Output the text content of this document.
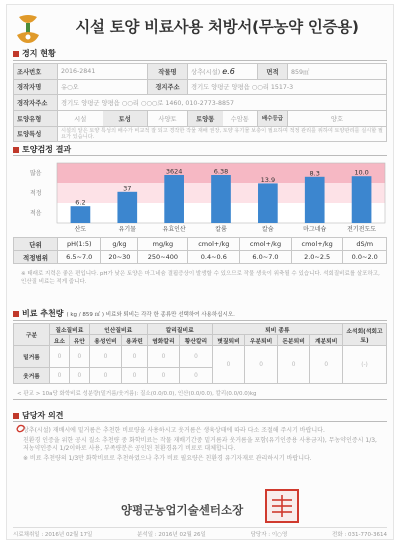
시설 토양 비료사용 처방서(무농약 인증용)
경지 현황
조사번호	2016-2841	작물명	상추(시설) e.6	면적	859㎡
경작자명	유○오	경지주소	경기도 양평군 양평읍 ○○리 1517-3		
경작자주소	경기도 양평군 양평읍 ○○리 ○○○로 1460, 010-2773-8857				
토양유형	시설 토성	사양토	토양통 수암통	배수등급	양호
토양특성	시설의 앝은 토양 특성의 배수가 비교적 잘 되고 경작한 작물 재배 권장, 토양 유기물 보충이 필요하며 적정 관리를 위하여 토양관리를 실시할 필요가 있습니다.				
토양검정 결과
많음
적정
적음
6.2
산도
37
유기물
3624
유효인산
6.38
칼륨
13.9
칼슘
8.3
마그네슘
10.0
전기전도도
단위	pH(1:5)	g/kg	mg/kg	cmol+/kg	cmol+/kg	cmol+/kg	dS/m
적정범위	6.5~7.0	20~30	250~400	0.4~0.6	6.0~7.0	2.0~2.5	0.0~2.0
※ 태래로 지력은 좋은 편입니다. pH가 낮은 토양은 마그네슘 결핍증상이 발생할 수 있으므로 작물 생육이 위축될 수 있습니다. 석회질비료를 살포하고, 인산질 비료는 적게 줍니다.
비료 추천량 ( kg / 859 ㎡ ) 비료와 퇴비는 각각 한 종류만 선택하여 사용하십시오.
구분	질소질비료		인산질비료		칼리질비료		퇴비 종류				소석회(석회고토)
	요소	유안	용성인비	용과린	염화칼리	황산칼리	볏짚퇴비	우분퇴비	돈분퇴비	계분퇴비	
밑거름	0	0	0	0	0	0	0	0	0	0	(-)
웃거름	0	0	0	0	0	0					
< 판교 > 10a당 화학비료 성분량(밑거름/웃거름): 질소(0.0/0.0), 인산(0.0/0.0), 칼리(0.0/0.0)kg
담당자 의견

상추(시설) 재배시에 밑거름은 추천한 비료량을 사용하시고 웃거름은 생육상태에 따라 다소 조절해 주시기 바랍니다.

친환경 인증을 위한 공시 질소 추천량 중 화학비료는 작물 재배기간중 밑거름과 웃거름을 포함(유기인증용 사용금지), 무농약인증시 1/3, 저농약인증시 1/2이하로 사용, 부족량분은 공인된 친환경유기 비료로 대체합니다.

※ 비료 추천량의 1/3만 화학비료로 추천하였으나 추가 비료 필요량은 친환경 유기자재로 관리하시기 바랍니다.

양평군농업기술센터소장
시료채취일 : 2016년 02월 17일	분석일 : 2016년 02월 26일	담당자 : 이○영	전화 : 031-770-3614
